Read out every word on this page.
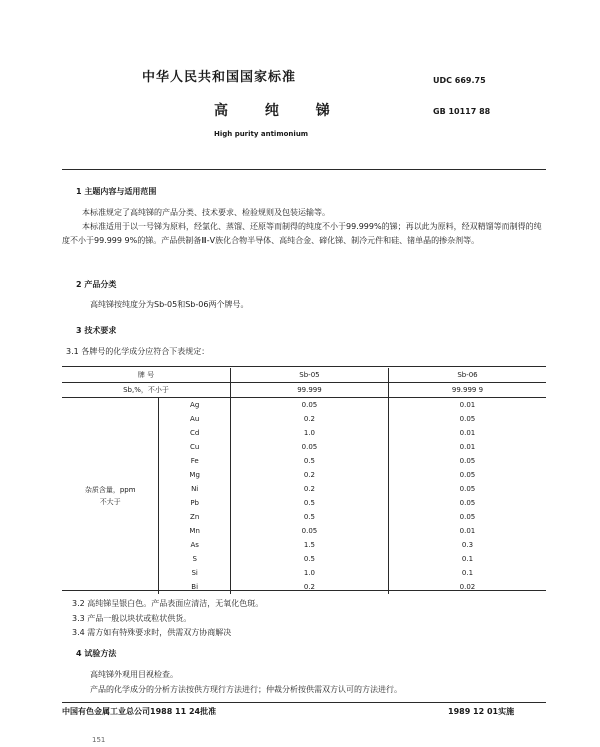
中华人民共和国国家标准	UDC 669.75
高 纯 锑	GB 10117 88
High purity antimonium
1 主题内容与适用范围
本标准规定了高纯锑的产品分类、技术要求、检验规则及包装运输等。
本标准适用于以一号锑为原料，经氯化、蒸馏、还原等而制得的纯度不小于99.999%的锑；再以此为原料，经双精馏等而制得的纯度不小于99.999 9%的锑。产品供制备Ⅲ-Ⅴ族化合物半导体、高纯合金、碲化锑、制冷元件和硅、锗单晶的掺杂剂等。
2 产品分类
高纯锑按纯度分为Sb-05和Sb-06两个牌号。
3 技术要求
3.1 各牌号的化学成分应符合下表规定：
牌 号		Sb-05	Sb-06
Sb,%，不小于		99.999	99.999 9

杂质含量，ppm
不大于	Ag	0.05	0.01
	Au	0.2	0.05
	Cd	1.0	0.01
	Cu	0.05	0.01
	Fe	0.5	0.05
	Mg	0.2	0.05
	Ni	0.2	0.05
	Pb	0.5	0.05
	Zn	0.5	0.05
	Mn	0.05	0.01
	As	1.5	0.3
	S	0.5	0.1
	Si	1.0	0.1
	Bi	0.2	0.02
3.2 高纯锑呈银白色。产品表面应清洁，无氧化色斑。
3.3 产品一般以块状或粒状供货。
3.4 需方如有特殊要求时，供需双方协商解决
4 试验方法
高纯锑外观用目视检查。
产品的化学成分的分析方法按供方现行方法进行；仲裁分析按供需双方认可的方法进行。
中国有色金属工业总公司1988 11 24批准	1989 12 01实施
151
